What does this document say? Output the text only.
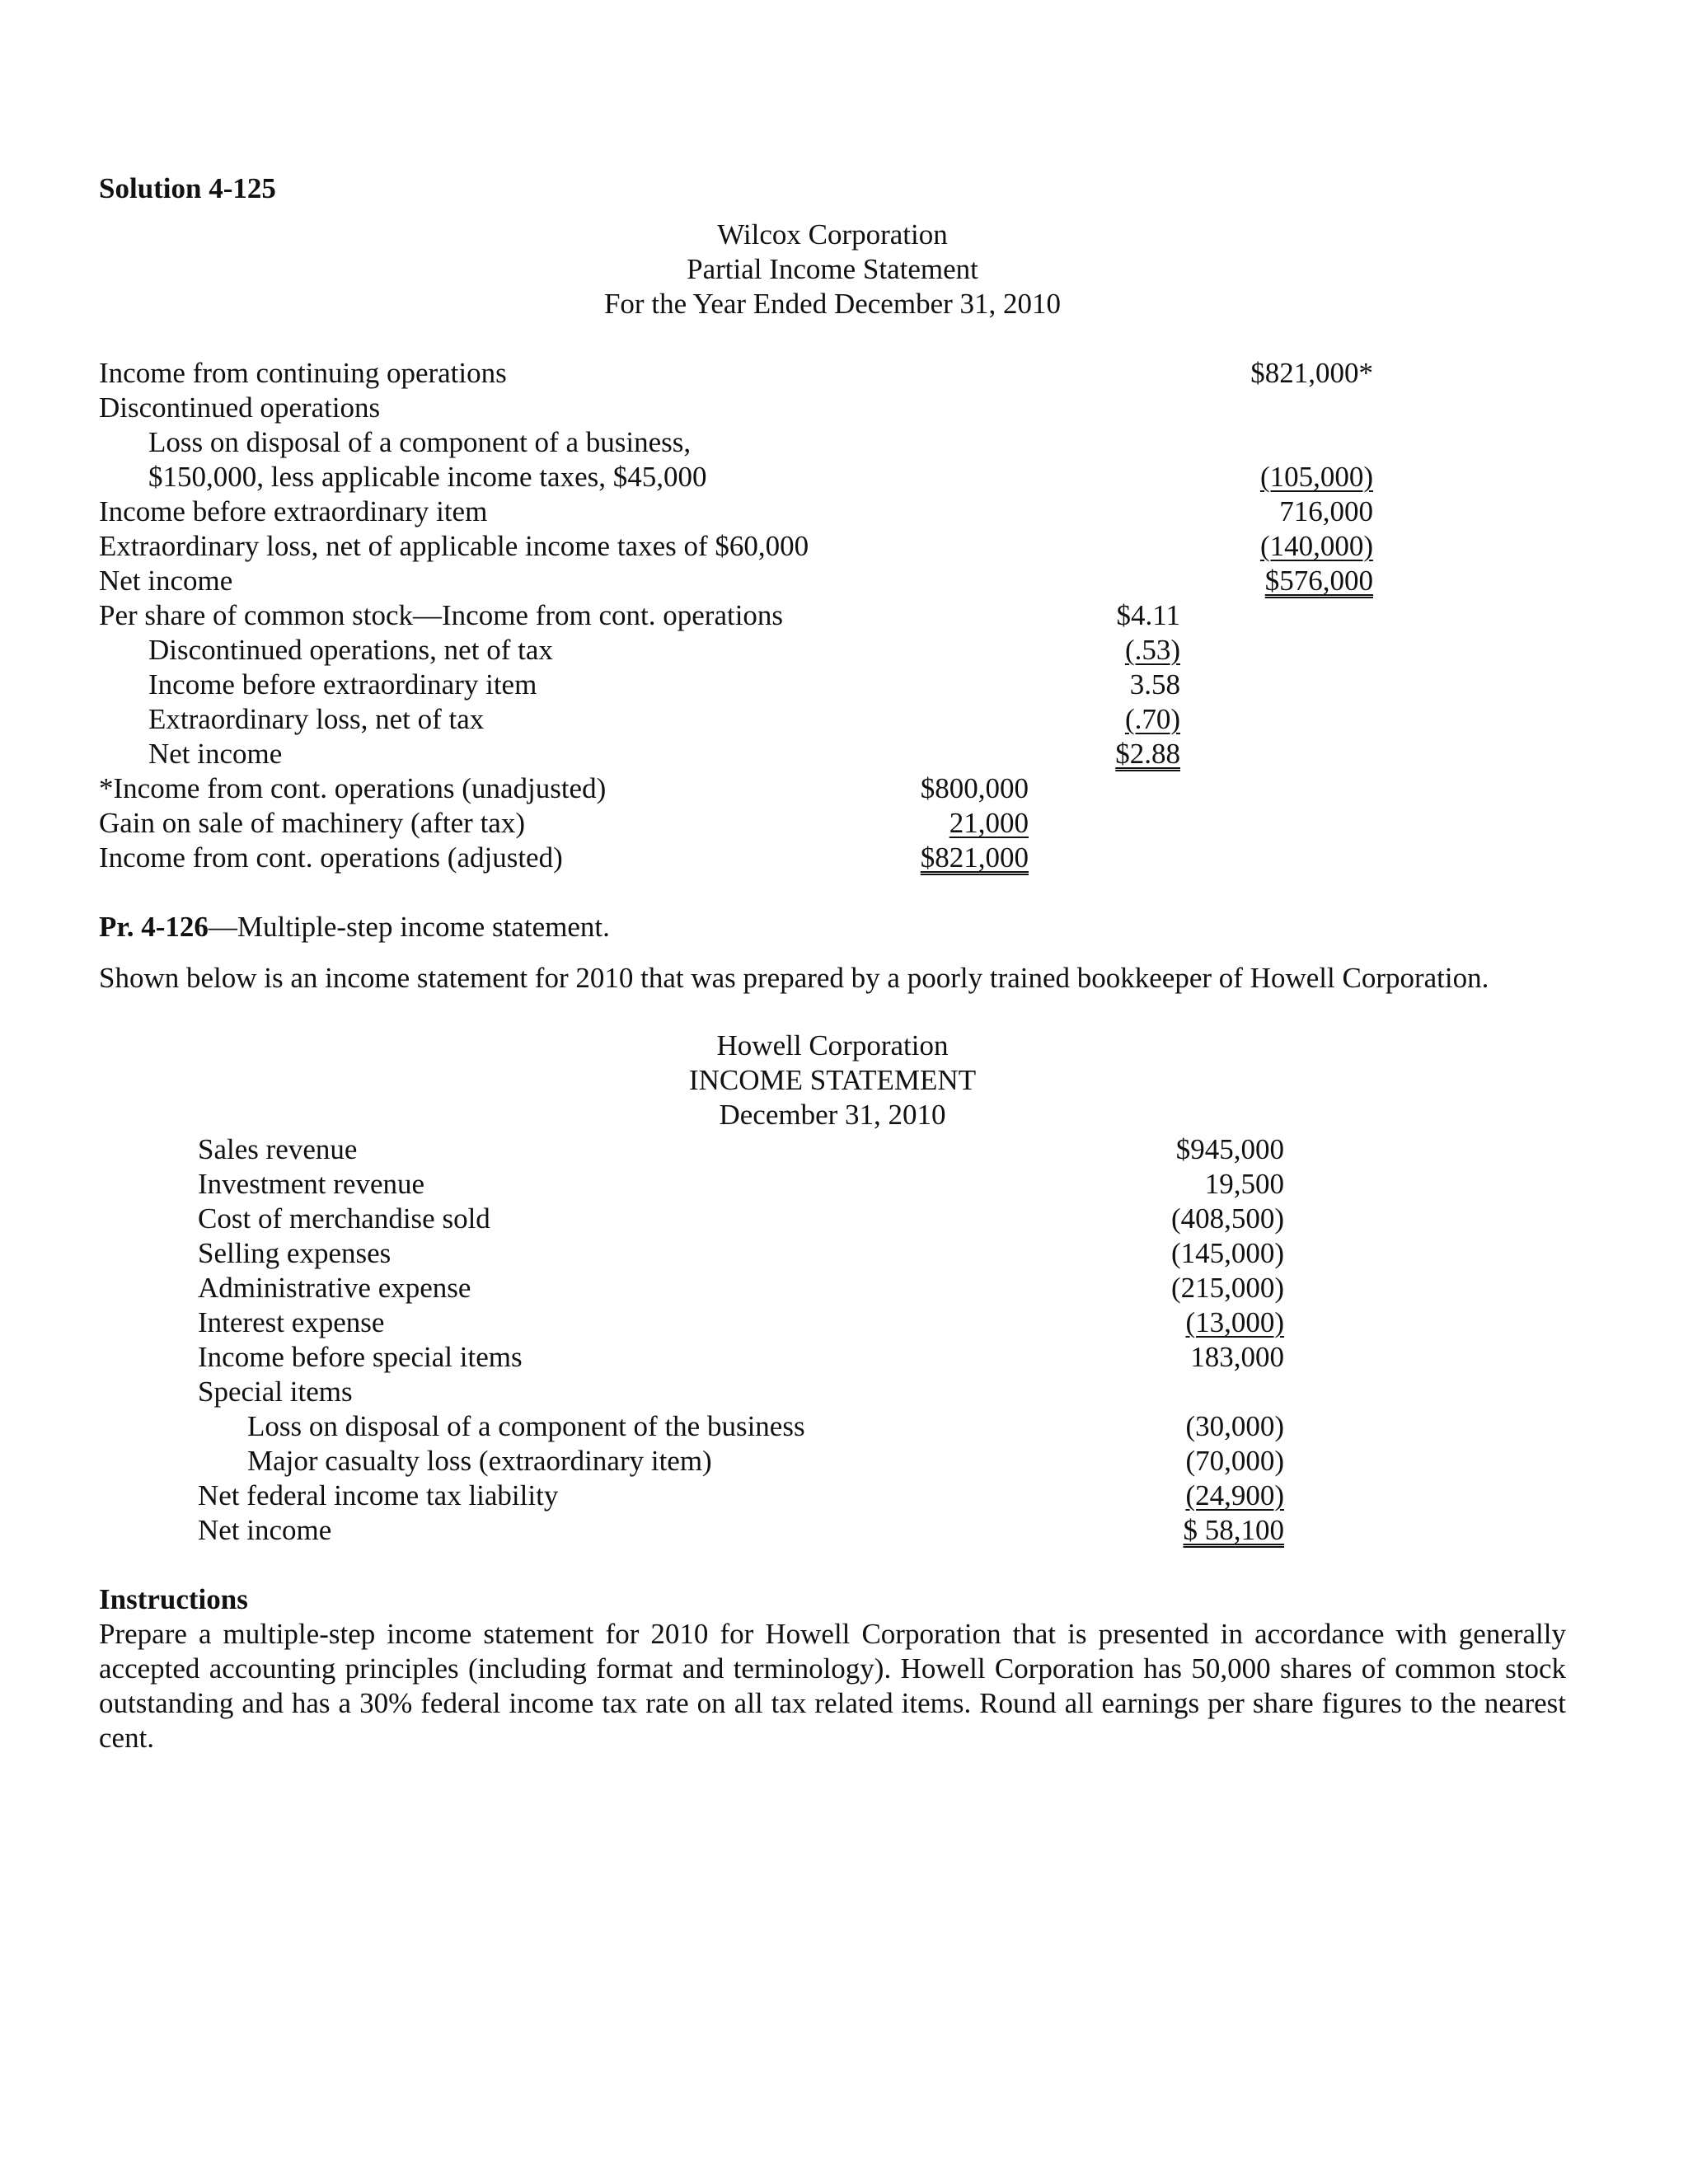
Solution 4-125
Wilcox Corporation
Partial Income Statement
For the Year Ended December 31, 2010
Income from continuing operations	$821,000*
Discontinued operations
Loss on disposal of a component of a business,
$150,000, less applicable income taxes, $45,000	(105,000)
Income before extraordinary item	716,000
Extraordinary loss, net of applicable income taxes of $60,000	(140,000)
Net income	$576,000
Per share of common stock—Income from cont. operations	$4.11
Discontinued operations, net of tax	(.53)
Income before extraordinary item	3.58
Extraordinary loss, net of tax	(.70)
Net income	$2.88
*Income from cont. operations (unadjusted)	$800,000
Gain on sale of machinery (after tax)	21,000
Income from cont. operations (adjusted)	$821,000
Pr. 4-126—Multiple-step income statement.
Shown below is an income statement for 2010 that was prepared by a poorly trained bookkeeper of Howell Corporation.
Howell Corporation
INCOME STATEMENT
December 31, 2010
Sales revenue	$945,000
Investment revenue	19,500
Cost of merchandise sold	(408,500)
Selling expenses	(145,000)
Administrative expense	(215,000)
Interest expense	(13,000)
Income before special items	183,000
Special items
Loss on disposal of a component of the business	(30,000)
Major casualty loss (extraordinary item)	(70,000)
Net federal income tax liability	(24,900)
Net income	$ 58,100
Instructions

Prepare a multiple-step income statement for 2010 for Howell Corporation that is presented in accordance with generally accepted accounting principles (including format and terminology). Howell Corporation has 50,000 shares of common stock outstanding and has a 30% federal income tax rate on all tax related items. Round all earnings per share figures to the nearest cent.
